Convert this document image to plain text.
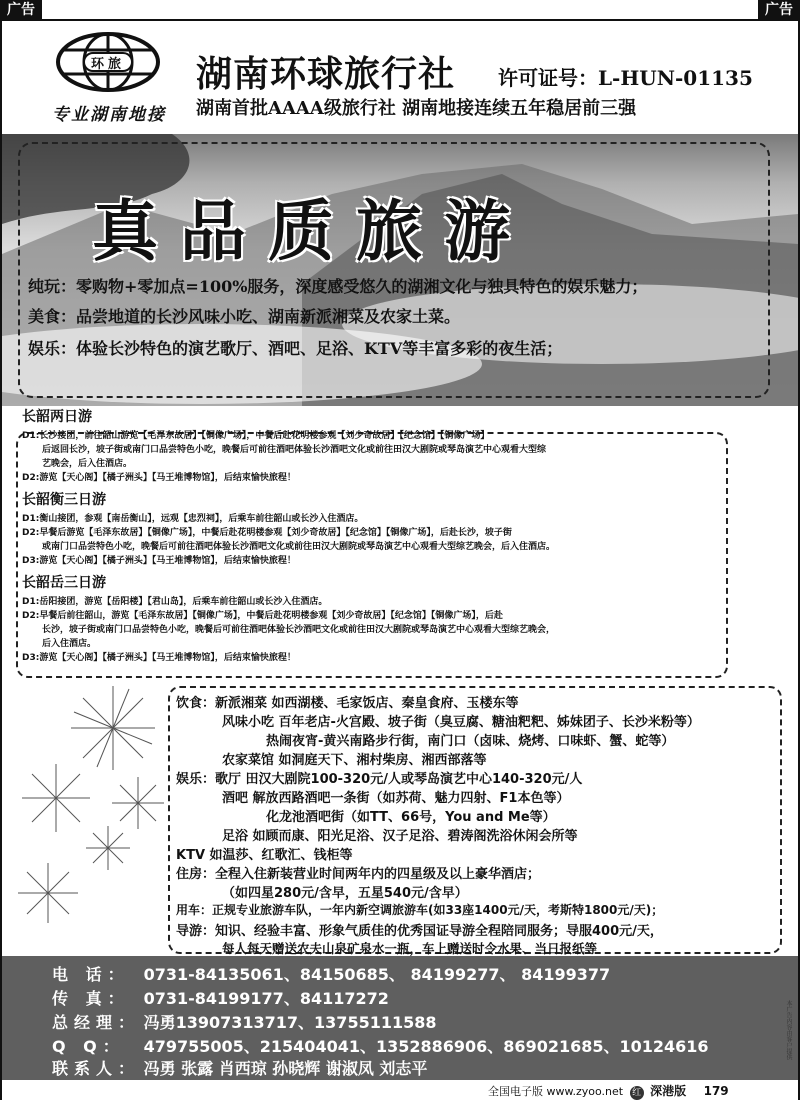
广告	广告
环旅
专业湖南地接
湖南环球旅行社 许可证号：L-HUN-01135
湖南首批AAAA级旅行社 湖南地接连续五年稳居前三强
真品质旅游
纯玩：零购物+零加点=100%服务，深度感受悠久的湖湘文化与独具特色的娱乐魅力；
美食：品尝地道的长沙风味小吃、湖南新派湘菜及农家土菜。
娱乐：体验长沙特色的演艺歌厅、酒吧、足浴、KTV等丰富多彩的夜生活；
长韶两日游
D1:长沙接团，前往韶山游览【毛泽东故居】【铜像广场】，中餐后赴花明楼参观【刘少奇故居】【纪念馆】【铜像广场】
后返回长沙，坡子街或南门口品尝特色小吃，晚餐后可前往酒吧体验长沙酒吧文化或前往田汉大剧院或琴岛演艺中心观看大型综
艺晚会，后入住酒店。
D2:游览【天心阁】【橘子洲头】【马王堆博物馆】，后结束愉快旅程！
长韶衡三日游
D1:衡山接团，参观【南岳衡山】，远观【忠烈祠】，后乘车前往韶山或长沙入住酒店。
D2:早餐后游览【毛泽东故居】【铜像广场】，中餐后赴花明楼参观【刘少奇故居】【纪念馆】【铜像广场】，后赴长沙，坡子街
或南门口品尝特色小吃，晚餐后可前往酒吧体验长沙酒吧文化或前往田汉大剧院或琴岛演艺中心观看大型综艺晚会，后入住酒店。
D3:游览【天心阁】【橘子洲头】【马王堆博物馆】，后结束愉快旅程！
长韶岳三日游
D1:岳阳接团，游览【岳阳楼】【君山岛】，后乘车前往韶山或长沙入住酒店。
D2:早餐后前往韶山，游览【毛泽东故居】【铜像广场】，中餐后赴花明楼参观【刘少奇故居】【纪念馆】【铜像广场】，后赴
长沙，坡子街或南门口品尝特色小吃，晚餐后可前往酒吧体验长沙酒吧文化或前往田汉大剧院或琴岛演艺中心观看大型综艺晚会，
后入住酒店。
D3:游览【天心阁】【橘子洲头】【马王堆博物馆】，后结束愉快旅程！
饮食：新派湘菜 如西湖楼、毛家饭店、秦皇食府、玉楼东等
风味小吃 百年老店-火宫殿、坡子街（臭豆腐、糖油粑粑、姊妹团子、长沙米粉等）
热闹夜宵-黄兴南路步行街，南门口（卤味、烧烤、口味虾、蟹、蛇等）
农家菜馆 如洞庭天下、湘村柴房、湘西部落等
娱乐：歌厅 田汉大剧院100-320元/人或琴岛演艺中心140-320元/人
酒吧 解放西路酒吧一条街（如苏荷、魅力四射、F1本色等）
化龙池酒吧街（如TT、66号，You and Me等）
足浴 如顾而康、阳光足浴、汉子足浴、碧涛阁洗浴休闲会所等
KTV 如温莎、红歌汇、钱柜等
住房：全程入住新装营业时间两年内的四星级及以上豪华酒店；
（如四星280元/含早，五星540元/含早）
用车：正规专业旅游车队，一年内新空调旅游车(如33座1400元/天，考斯特1800元/天)；
导游：知识、经验丰富、形象气质佳的优秀国证导游全程陪同服务；导服400元/天，
每人每天赠送农夫山泉矿泉水一瓶，车上赠送时令水果、当日报纸等
电 话： 0731-84135061、84150685、 84199277、 84199377
传 真： 0731-84199177、84117272
总经理： 冯勇13907313717、13755111588
Q Q： 479755005、215404041、1352886906、869021685、10124616
联系人： 冯勇 张露 肖西琼 孙晓辉 谢淑凤 刘志平
本广告内容由客户提供
全国电子版 www.zyoo.net 红 深港版 179
